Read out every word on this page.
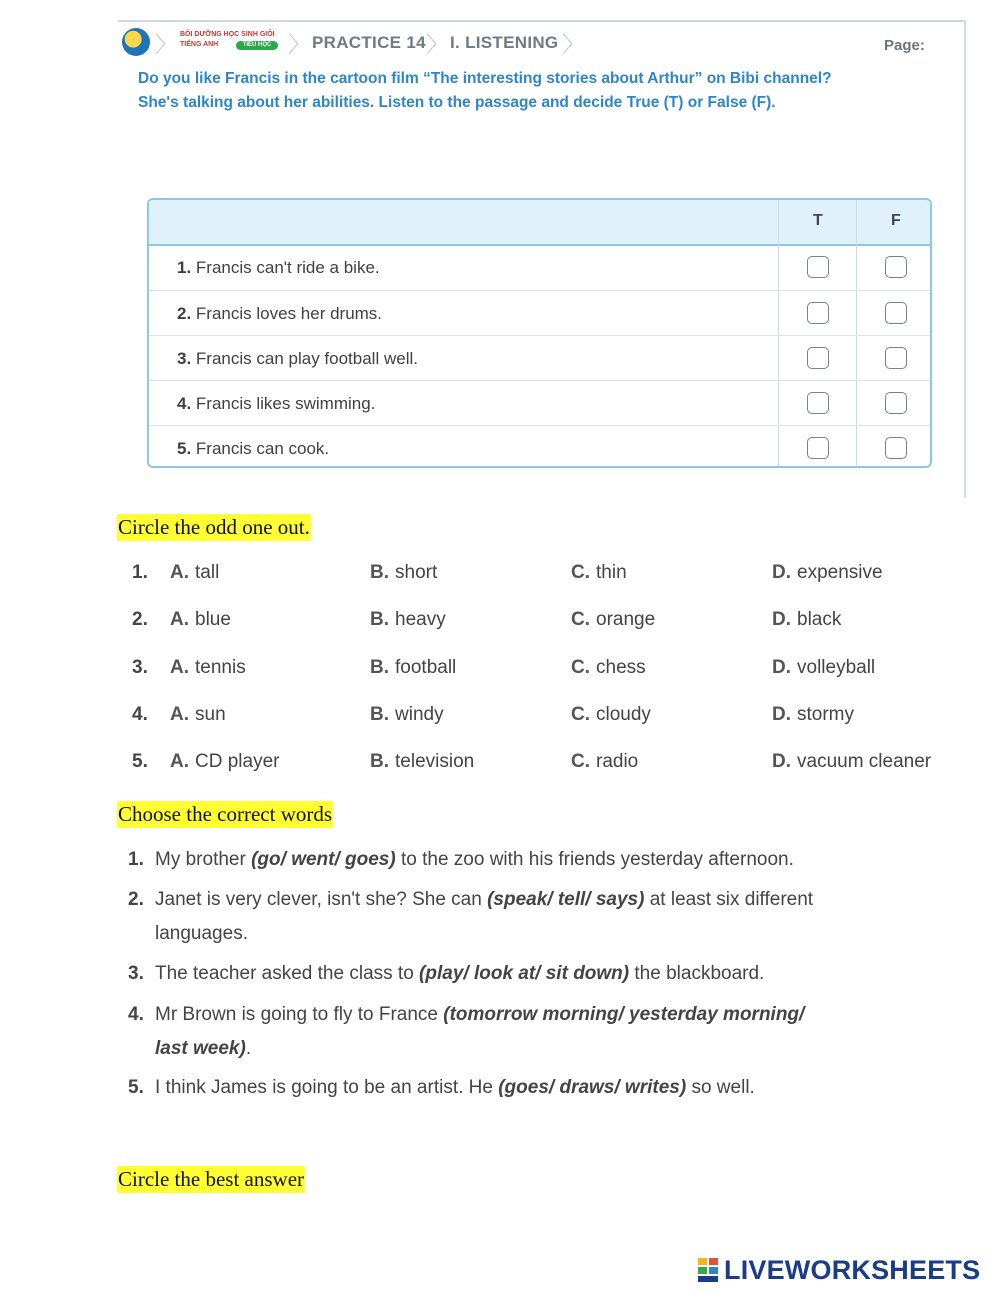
〉 BỒI DƯỠNG HỌC SINH GIỎI
TIẾNG ANH	TIỂU HỌC 〉 PRACTICE 14 〉 I. LISTENING 〉	Page:
Do you like Francis in the cartoon film “The interesting stories about Arthur” on Bibi channel?
She's talking about her abilities. Listen to the passage and decide True (T) or False (F).
T	F
1. Francis can't ride a bike.
2. Francis loves her drums.
3. Francis can play football well.
4. Francis likes swimming.
5. Francis can cook.
Circle the odd one out.
1. A. tall	B. short	C. thin	D. expensive
2. A. blue	B. heavy	C. orange	D. black
3. A. tennis	B. football	C. chess	D. volleyball
4. A. sun	B. windy	C. cloudy	D. stormy
5. A. CD player	B. television	C. radio	D. vacuum cleaner
Choose the correct words
1. My brother (go/ went/ goes) to the zoo with his friends yesterday afternoon.
2. Janet is very clever, isn't she? She can (speak/ tell/ says) at least six different
languages.
3. The teacher asked the class to (play/ look at/ sit down) the blackboard.
4. Mr Brown is going to fly to France (tomorrow morning/ yesterday morning/
last week).
5. I think James is going to be an artist. He (goes/ draws/ writes) so well.
Circle the best answer
LIVEWORKSHEETS
